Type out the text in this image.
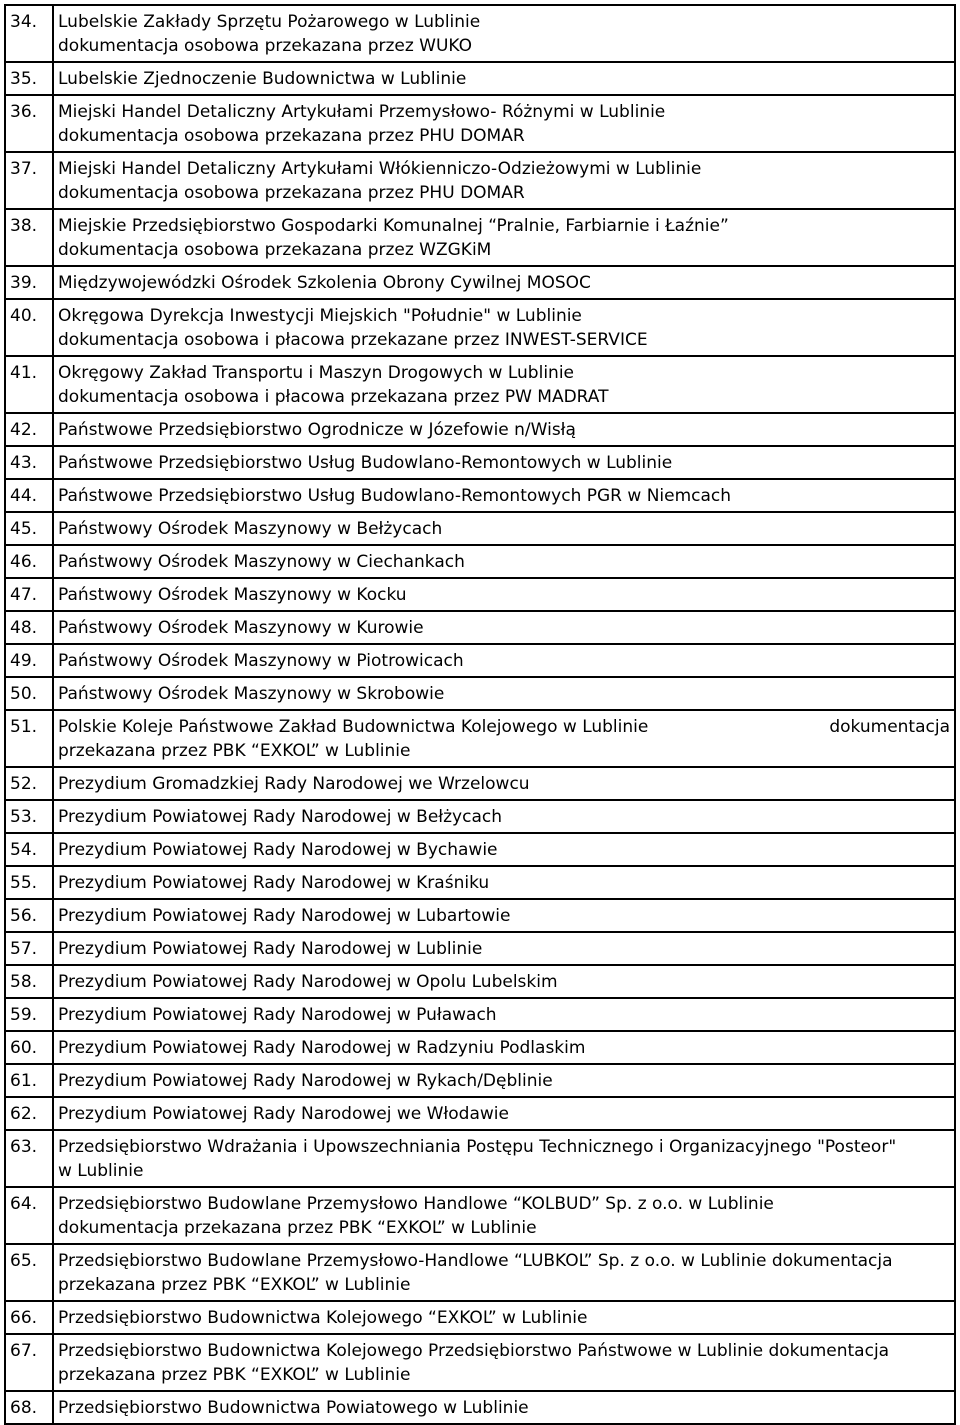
34.	Lubelskie Zakłady Sprzętu Pożarowego w Lublinie
dokumentacja osobowa przekazana przez WUKO

35.	Lubelskie Zjednoczenie Budownictwa w Lublinie

36.	Miejski Handel Detaliczny Artykułami Przemysłowo- Różnymi w Lublinie
dokumentacja osobowa przekazana przez PHU DOMAR

37.	Miejski Handel Detaliczny Artykułami Włókienniczo-Odzieżowymi w Lublinie
dokumentacja osobowa przekazana przez PHU DOMAR

38.	Miejskie Przedsiębiorstwo Gospodarki Komunalnej “Pralnie, Farbiarnie i Łaźnie”
dokumentacja osobowa przekazana przez WZGKiM

39.	Międzywojewódzki Ośrodek Szkolenia Obrony Cywilnej MOSOC

40.	Okręgowa Dyrekcja Inwestycji Miejskich "Południe" w Lublinie
dokumentacja osobowa i płacowa przekazane przez INWEST-SERVICE

41.	Okręgowy Zakład Transportu i Maszyn Drogowych w Lublinie
dokumentacja osobowa i płacowa przekazana przez PW MADRAT

42.	Państwowe Przedsiębiorstwo Ogrodnicze w Józefowie n/Wisłą

43.	Państwowe Przedsiębiorstwo Usług Budowlano-Remontowych w Lublinie

44.	Państwowe Przedsiębiorstwo Usług Budowlano-Remontowych PGR w Niemcach

45.	Państwowy Ośrodek Maszynowy w Bełżycach

46.	Państwowy Ośrodek Maszynowy w Ciechankach

47.	Państwowy Ośrodek Maszynowy w Kocku

48.	Państwowy Ośrodek Maszynowy w Kurowie

49.	Państwowy Ośrodek Maszynowy w Piotrowicach

50.	Państwowy Ośrodek Maszynowy w Skrobowie

51.	Polskie Koleje Państwowe Zakład Budownictwa Kolejowego w Lublinie dokumentacja
przekazana przez PBK “EXKOL” w Lublinie

52.	Prezydium Gromadzkiej Rady Narodowej we Wrzelowcu

53.	Prezydium Powiatowej Rady Narodowej w Bełżycach

54.	Prezydium Powiatowej Rady Narodowej w Bychawie

55.	Prezydium Powiatowej Rady Narodowej w Kraśniku

56.	Prezydium Powiatowej Rady Narodowej w Lubartowie

57.	Prezydium Powiatowej Rady Narodowej w Lublinie

58.	Prezydium Powiatowej Rady Narodowej w Opolu Lubelskim

59.	Prezydium Powiatowej Rady Narodowej w Puławach

60.	Prezydium Powiatowej Rady Narodowej w Radzyniu Podlaskim

61.	Prezydium Powiatowej Rady Narodowej w Rykach/Dęblinie

62.	Prezydium Powiatowej Rady Narodowej we Włodawie

63.	Przedsiębiorstwo Wdrażania i Upowszechniania Postępu Technicznego i Organizacyjnego "Posteor"
w Lublinie

64.	Przedsiębiorstwo Budowlane Przemysłowo Handlowe “KOLBUD” Sp. z o.o. w Lublinie
dokumentacja przekazana przez PBK “EXKOL” w Lublinie

65.	Przedsiębiorstwo Budowlane Przemysłowo-Handlowe “LUBKOL” Sp. z o.o. w Lublinie dokumentacja
przekazana przez PBK “EXKOL” w Lublinie

66.	Przedsiębiorstwo Budownictwa Kolejowego “EXKOL” w Lublinie

67.	Przedsiębiorstwo Budownictwa Kolejowego Przedsiębiorstwo Państwowe w Lublinie dokumentacja
przekazana przez PBK “EXKOL” w Lublinie

68.	Przedsiębiorstwo Budownictwa Powiatowego w Lublinie
